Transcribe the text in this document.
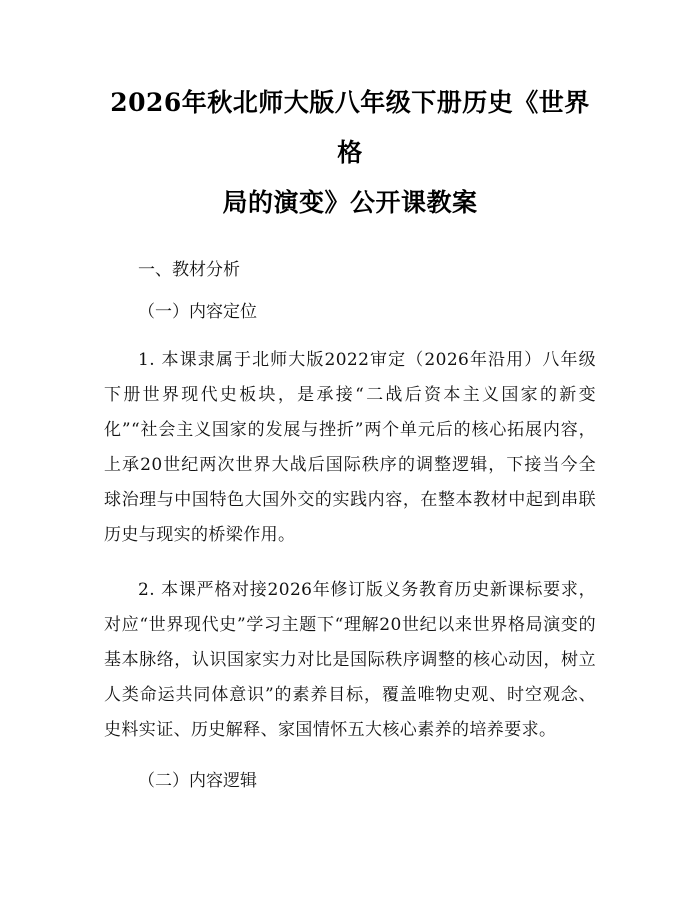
2026年秋北师大版八年级下册历史《世界格
局的演变》公开课教案
一、教材分析
（一）内容定位

1. 本课隶属于北师大版2022审定（2026年沿用）八年级下册世界现代史板块，是承接“二战后资本主义国家的新变化”“社会主义国家的发展与挫折”两个单元后的核心拓展内容，上承20世纪两次世界大战后国际秩序的调整逻辑，下接当今全球治理与中国特色大国外交的实践内容，在整本教材中起到串联历史与现实的桥梁作用。

2. 本课严格对接2026年修订版义务教育历史新课标要求，对应“世界现代史”学习主题下“理解20世纪以来世界格局演变的基本脉络，认识国家实力对比是国际秩序调整的核心动因，树立人类命运共同体意识”的素养目标，覆盖唯物史观、时空观念、史料实证、历史解释、家国情怀五大核心素养的培养要求。

（二）内容逻辑
